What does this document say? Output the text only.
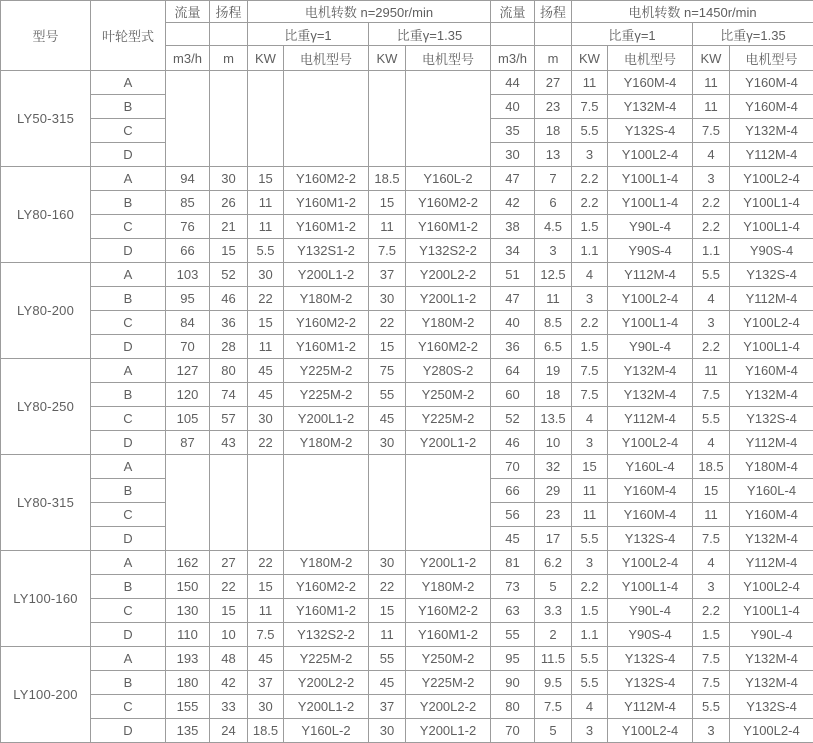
型号	叶轮型式	流量	扬程	电机转数 n=2950r/min				流量	扬程	电机转数 n=1450r/min			
				比重γ=1		比重γ=1.35				比重γ=1		比重γ=1.35	
		m3/h	m	KW	电机型号	KW	电机型号	m3/h	m	KW	电机型号	KW	电机型号
LY50-315	A							44	27	11	Y160M-4	11	Y160M-4
	B							40	23	7.5	Y132M-4	11	Y160M-4
	C							35	18	5.5	Y132S-4	7.5	Y132M-4
	D							30	13	3	Y100L2-4	4	Y112M-4
LY80-160	A	94	30	15	Y160M2-2	18.5	Y160L-2	47	7	2.2	Y100L1-4	3	Y100L2-4
	B	85	26	11	Y160M1-2	15	Y160M2-2	42	6	2.2	Y100L1-4	2.2	Y100L1-4
	C	76	21	11	Y160M1-2	11	Y160M1-2	38	4.5	1.5	Y90L-4	2.2	Y100L1-4
	D	66	15	5.5	Y132S1-2	7.5	Y132S2-2	34	3	1.1	Y90S-4	1.1	Y90S-4
LY80-200	A	103	52	30	Y200L1-2	37	Y200L2-2	51	12.5	4	Y112M-4	5.5	Y132S-4
	B	95	46	22	Y180M-2	30	Y200L1-2	47	11	3	Y100L2-4	4	Y112M-4
	C	84	36	15	Y160M2-2	22	Y180M-2	40	8.5	2.2	Y100L1-4	3	Y100L2-4
	D	70	28	11	Y160M1-2	15	Y160M2-2	36	6.5	1.5	Y90L-4	2.2	Y100L1-4
LY80-250	A	127	80	45	Y225M-2	75	Y280S-2	64	19	7.5	Y132M-4	11	Y160M-4
	B	120	74	45	Y225M-2	55	Y250M-2	60	18	7.5	Y132M-4	7.5	Y132M-4
	C	105	57	30	Y200L1-2	45	Y225M-2	52	13.5	4	Y112M-4	5.5	Y132S-4
	D	87	43	22	Y180M-2	30	Y200L1-2	46	10	3	Y100L2-4	4	Y112M-4
LY80-315	A							70	32	15	Y160L-4	18.5	Y180M-4
	B							66	29	11	Y160M-4	15	Y160L-4
	C							56	23	11	Y160M-4	11	Y160M-4
	D							45	17	5.5	Y132S-4	7.5	Y132M-4
LY100-160	A	162	27	22	Y180M-2	30	Y200L1-2	81	6.2	3	Y100L2-4	4	Y112M-4
	B	150	22	15	Y160M2-2	22	Y180M-2	73	5	2.2	Y100L1-4	3	Y100L2-4
	C	130	15	11	Y160M1-2	15	Y160M2-2	63	3.3	1.5	Y90L-4	2.2	Y100L1-4
	D	110	10	7.5	Y132S2-2	11	Y160M1-2	55	2	1.1	Y90S-4	1.5	Y90L-4
LY100-200	A	193	48	45	Y225M-2	55	Y250M-2	95	11.5	5.5	Y132S-4	7.5	Y132M-4
	B	180	42	37	Y200L2-2	45	Y225M-2	90	9.5	5.5	Y132S-4	7.5	Y132M-4
	C	155	33	30	Y200L1-2	37	Y200L2-2	80	7.5	4	Y112M-4	5.5	Y132S-4
	D	135	24	18.5	Y160L-2	30	Y200L1-2	70	5	3	Y100L2-4	3	Y100L2-4
